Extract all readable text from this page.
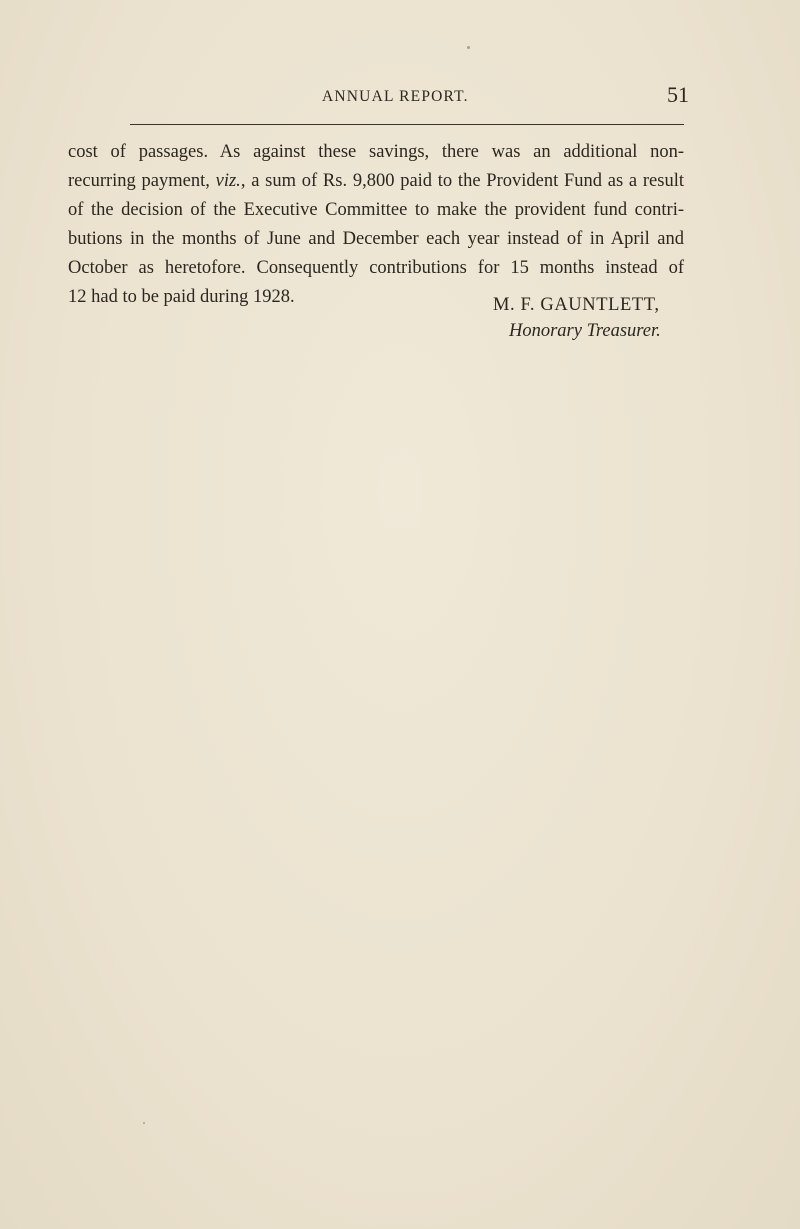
ANNUAL REPORT.	51
cost of passages. As against these savings, there was an additional non-
recurring payment, viz., a sum of Rs. 9,800 paid to the Provident Fund as a result
of the decision of the Executive Committee to make the provident fund contri-
butions in the months of June and December each year instead of in April and
October as heretofore. Consequently contributions for 15 months instead of
12 had to be paid during 1928.	M. F. GAUNTLETT,
Honorary Treasurer.
